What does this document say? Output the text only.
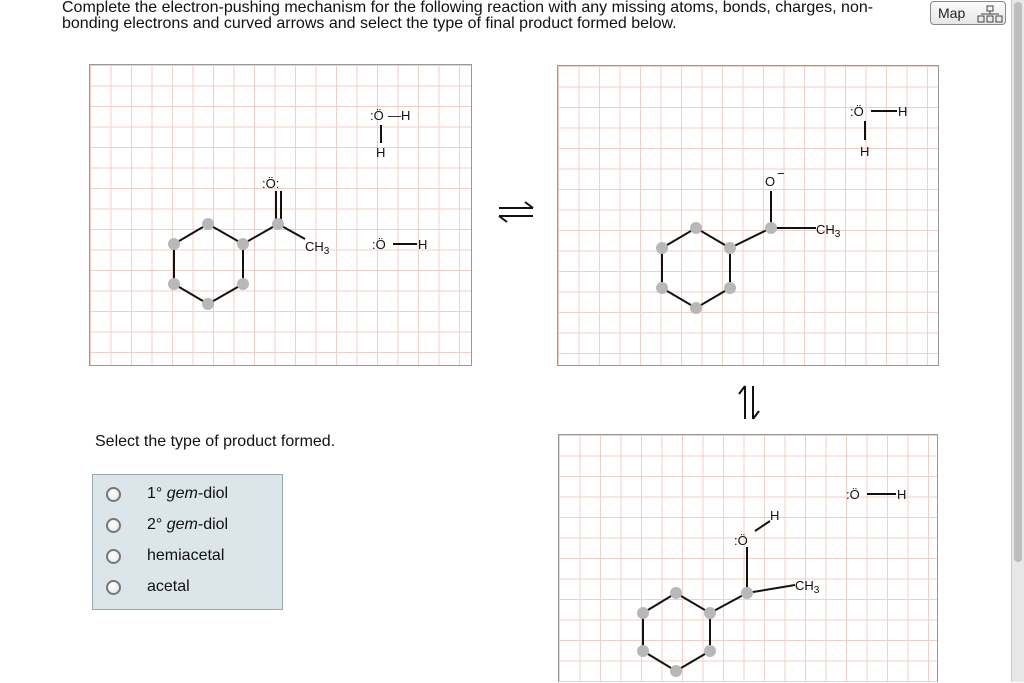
Complete the electron-pushing mechanism for the following reaction with any missing atoms, bonds, charges, non-bonding electrons and curved arrows and select the type of final product formed below.
Map
$CH_3$
:Ö:
:Ö —H
H
:Ö H
$CH_3$
O
−
:Ö	H
H
Select the type of product formed.
1° gem-diol
2° gem-diol
hemiacetal
acetal	$CH_3$
:Ö
H
:Ö	H
